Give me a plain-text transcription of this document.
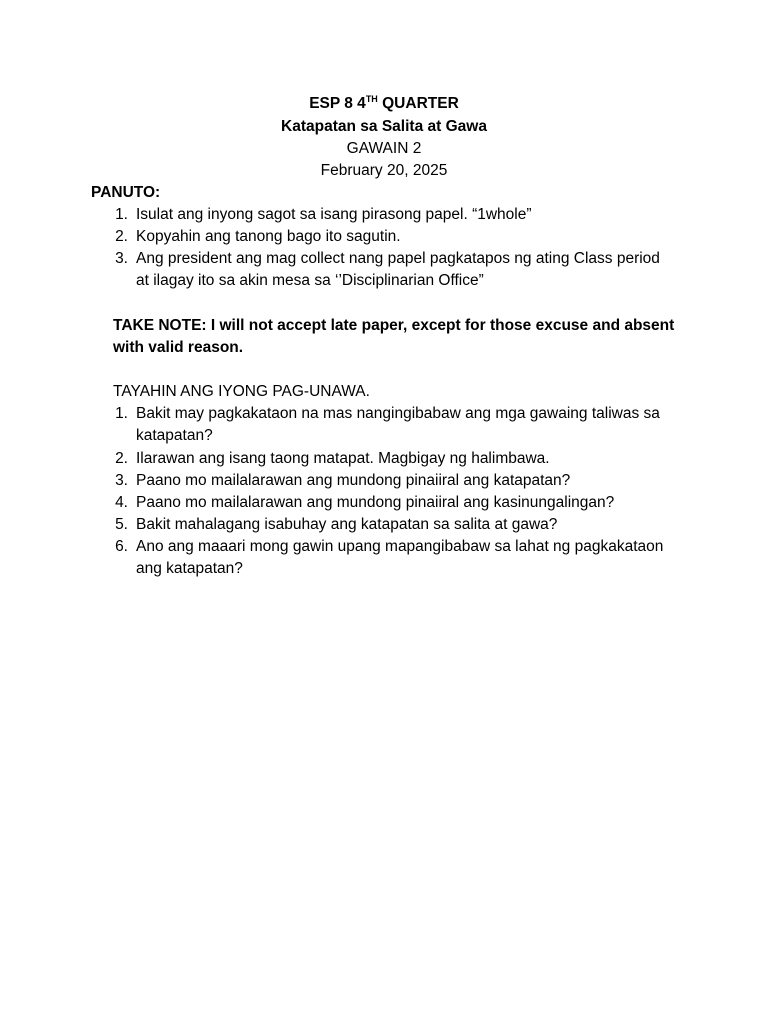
ESP 8 4TH QUARTER
Katapatan sa Salita at Gawa
GAWAIN 2
February 20, 2025
PANUTO:
1. Isulat ang inyong sagot sa isang pirasong papel. “1whole”
2. Kopyahin ang tanong bago ito sagutin.
3. Ang president ang mag collect nang papel pagkatapos ng ating Class period
at ilagay ito sa akin mesa sa ‘’Disciplinarian Office”
TAKE NOTE: I will not accept late paper, except for those excuse and absent
with valid reason.
TAYAHIN ANG IYONG PAG-UNAWA.
1. Bakit may pagkakataon na mas nangingibabaw ang mga gawaing taliwas sa
katapatan?
2. Ilarawan ang isang taong matapat. Magbigay ng halimbawa.
3. Paano mo mailalarawan ang mundong pinaiiral ang katapatan?
4. Paano mo mailalarawan ang mundong pinaiiral ang kasinungalingan?
5. Bakit mahalagang isabuhay ang katapatan sa salita at gawa?
6. Ano ang maaari mong gawin upang mapangibabaw sa lahat ng pagkakataon
ang katapatan?
